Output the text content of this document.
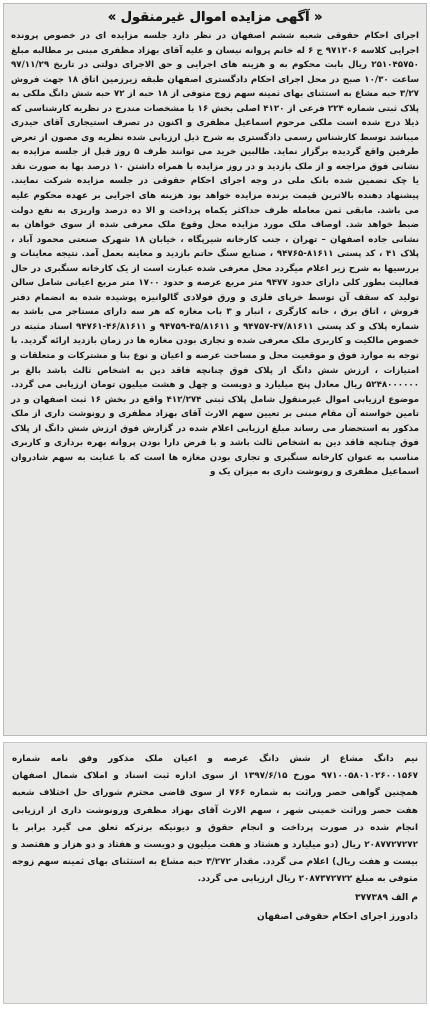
« آگهی مزایده اموال غیرمنقول »

اجرای احکام حقوقی شعبه ششم اصفهان در نظر دارد جلسه مزایده ای در خصوص پرونده اجرایی کلاسه ۹۷۱۲۰۶ ج ۶ له خانم پروانه نیسان و علیه آقای بهزاد مظفری مبنی بر مطالبه مبلغ ۲۵۱۰۴۵۷۵۰ ریال بابت محکوم به و هزینه های اجرایی و حق الاجرای دولتی در تاریخ ۹۷/۱۱/۲۹ ساعت ۱۰/۳۰ صبح در محل اجرای احکام دادگستری اصفهان طبقه زیرزمین اتاق ۱۸ جهت فروش ۳/۲۷ حبه مشاع به استثنای بهای ثمینه سهم زوج متوفی از ۱۸ حبه از ۷۲ حبه شش دانگ ملکی به پلاک ثبتی شماره ۲۲۴ فرعی از ۴۱۲۰ اصلی بخش ۱۶ با مشخصات مندرج در نظریه کارشناسی که ذیلا درج شده است ملکی مرحوم اسماعیل مظفری و اکنون در تصرف استیجاری آقای حیدری میباشد توسط کارشناس رسمی دادگستری به شرح ذیل ارزیابی شده نظریه وی مصون از تعرض طرفین واقع گردیده برگزار نماید. طالبین خرید می توانند ظرف ۵ روز قبل از جلسه مزایده به نشانی فوق مراجعه و از ملک بازدید و در روز مزایده با همراه داشتن ۱۰ درصد بها به صورت نقد یا چک تضمین شده بانک ملی در وجه اجرای احکام حقوقی در جلسه مزایده شرکت نمایند. پیشنهاد دهنده بالاترین قیمت برنده مزایده خواهد بود هزینه های اجرایی بر عهده محکوم علیه می باشد. مابقی ثمن معامله ظرف حداکثر یکماه پرداخت و الا ده درصد واریزی به نفع دولت ضبط خواهد شد. اوصاف ملک مورد مزایده محل وقوع ملک معرفی شده از سوی خواهان به نشانی جاده اصفهان – تهران ، جنب کارخانه شیرپگاه ، خیابان ۱۸ شهرک صنعتی محمود آباد ، پلاک ۴۱ ، کد پستی ۸۱۶۱۱-۹۴۷۶۵ ، صنایع سنگ حاتم بازدید و معاینه بعمل آمد. نتیجه معاینات و بررسیها به شرح زیر اعلام میگردد محل معرفی شده عبارت است از یک کارخانه سنگبری در حال فعالیت بطور کلی دارای حدود ۹۴۷۷ متر مربع عرصه و حدود ۱۷۰۰ متر مربع اعیانی شامل سالن تولید که سقف آن توسط خرپای فلزی و ورق فولادی گالوانیزه پوشیده شده به انضمام دفتر فروش ، اتاق برق ، خانه کارگری ، انبار و ۳ باب مغازه که هر سه دارای مستاجر می باشد به شماره پلاک و کد پستی ۴۷/۸۱۶۱۱-۹۴۷۵۷ و ۴۵/۸۱۶۱۱-۹۴۷۵۹ و ۴۶/۸۱۶۱۱-۹۴۷۶۱ اسناد مثبته در خصوص مالکیت و کاربری ملک معرفی شده و تجاری بودن مغازه ها در زمان بازدید ارائه گردید. با توجه به موارد فوق و موقعیت محل و مساحت عرصه و اعیان و نوع بنا و مشترکات و متعلقات و امتیازات ، ارزش شش دانگ از پلاک فوق چنانچه فاقد دین به اشخاص ثالث باشد بالغ بر ۵۲۴۸۰۰۰۰۰۰ ریال معادل پنج میلیارد و دویست و چهل و هشت میلیون تومان ارزیابی می گردد. موضوع ارزیابی اموال غیرمنقول شامل پلاک ثبتی ۴۱۲/۲۷۴ واقع در بخش ۱۶ ثبت اصفهان و در تامین خواسته آن مقام مبنی بر تعیین سهم الارث آقای بهزاد مظفری و رونوشت داری از ملک مذکور به استحضار می رساند مبلغ ارزیابی اعلام شده در گزارش فوق ارزش شش دانگ از پلاک فوق چنانچه فاقد دین به اشخاص ثالث باشد و با فرض دارا بودن پروانه بهره برداری و کاربری مناسب به عنوان کارخانه سنگبری و تجاری بودن مغازه ها است که با عنایت به سهم شادروان اسماعیل مظفری و رونوشت داری به میزان یک و

نیم دانگ مشاع از شش دانگ عرصه و اعیان ملک مذکور وفق نامه شماره ۹۷۱۰۰۵۸۰۱۰۲۶۰۰۱۵۶۷ مورخ ۱۳۹۷/۶/۱۵ از سوی اداره ثبت اسناد و املاک شمال اصفهان همچنین گواهی حصر وراثت به شماره ۷۶۶ از سوی قاضی محترم شورای حل اختلاف شعبه هفت حصر وراثت خمینی شهر ، سهم الارث آقای بهزاد مظفری ورونوشت داری از ارزیابی انجام شده در صورت پرداخت و انجام حقوق و دیونیکه برترکه تعلق می گیرد برابر با ۲۰۸۷۷۲۷۲۷۲ ریال (دو میلیارد و هشتاد و هفت میلیون و دویست و هفتاد و دو هزار و هفتصد و بیست و هفت ریال) اعلام می گردد. مقدار ۳/۲۷۲ حبه مشاع به استثنای بهای ثمینه سهم زوجه متوفی به مبلغ ۲۰۸۷۳۷۲۷۲۲ ریال ارزیابی می گردد.

م الف ۳۷۷۳۸۹

دادورز اجرای احکام حقوقی اصفهان
